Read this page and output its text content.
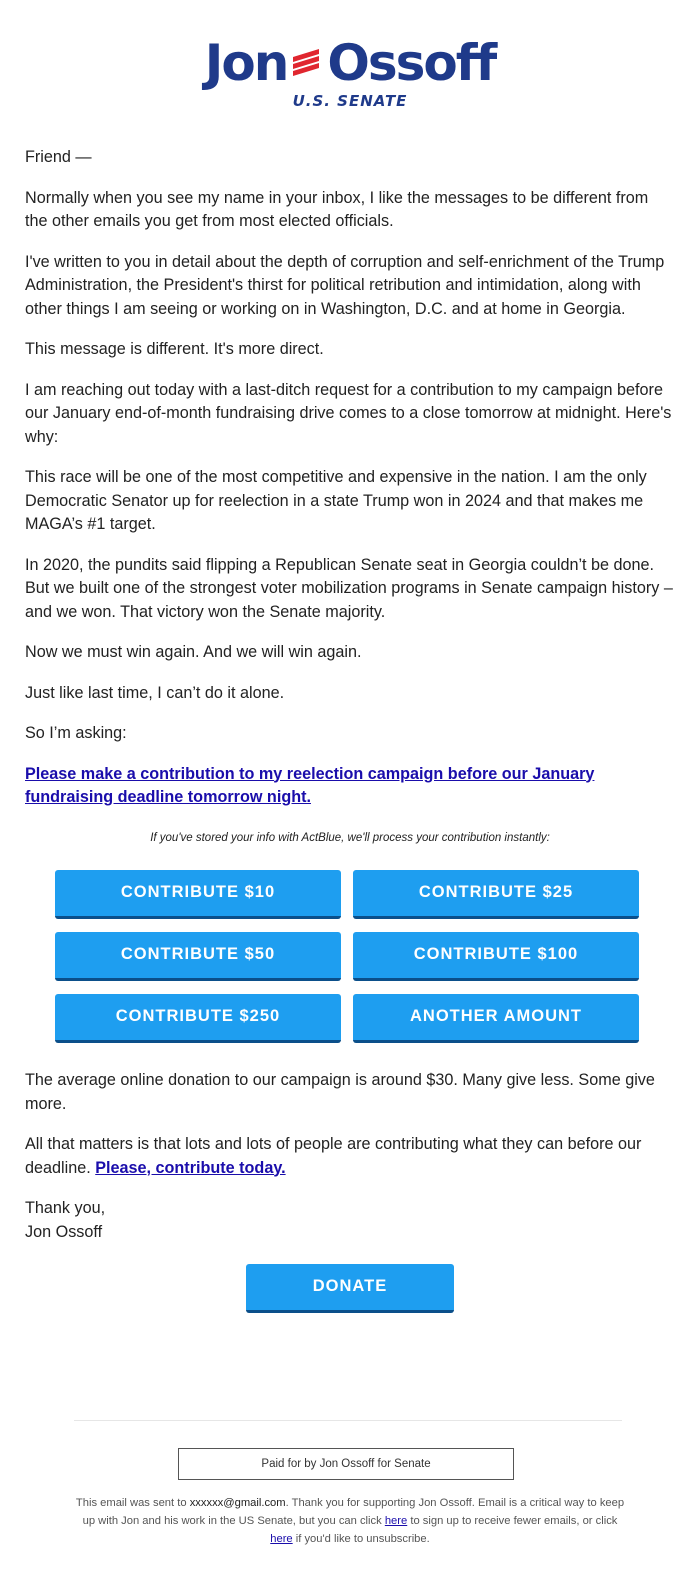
Jon Ossoff
U.S. SENATE

Friend —

Normally when you see my name in your inbox, I like the messages to be different from the other emails you get from most elected officials.

I've written to you in detail about the depth of corruption and self-enrichment of the Trump Administration, the President's thirst for political retribution and intimidation, along with other things I am seeing or working on in Washington, D.C. and at home in Georgia.

This message is different. It's more direct.

I am reaching out today with a last-ditch request for a contribution to my campaign before our January end-of-month fundraising drive comes to a close tomorrow at midnight. Here's why:

This race will be one of the most competitive and expensive in the nation. I am the only Democratic Senator up for reelection in a state Trump won in 2024 and that makes me MAGA’s #1 target.

In 2020, the pundits said flipping a Republican Senate seat in Georgia couldn’t be done. But we built one of the strongest voter mobilization programs in Senate campaign history – and we won. That victory won the Senate majority.

Now we must win again. And we will win again.

Just like last time, I can’t do it alone.

So I’m asking:

Please make a contribution to my reelection campaign before our January fundraising deadline tomorrow night.

If you've stored your info with ActBlue, we'll process your contribution instantly:
CONTRIBUTE $10	CONTRIBUTE $25
CONTRIBUTE $50	CONTRIBUTE $100
CONTRIBUTE $250	ANOTHER AMOUNT

The average online donation to our campaign is around $30. Many give less. Some give more.

All that matters is that lots and lots of people are contributing what they can before our deadline. Please, contribute today.

Thank you,
Jon Ossoff

DONATE
Paid for by Jon Ossoff for Senate
This email was sent to xxxxxx@gmail.com. Thank you for supporting Jon Ossoff. Email is a critical way to keep up with Jon and his work in the US Senate, but you can click here to sign up to receive fewer emails, or click here if you'd like to unsubscribe.
